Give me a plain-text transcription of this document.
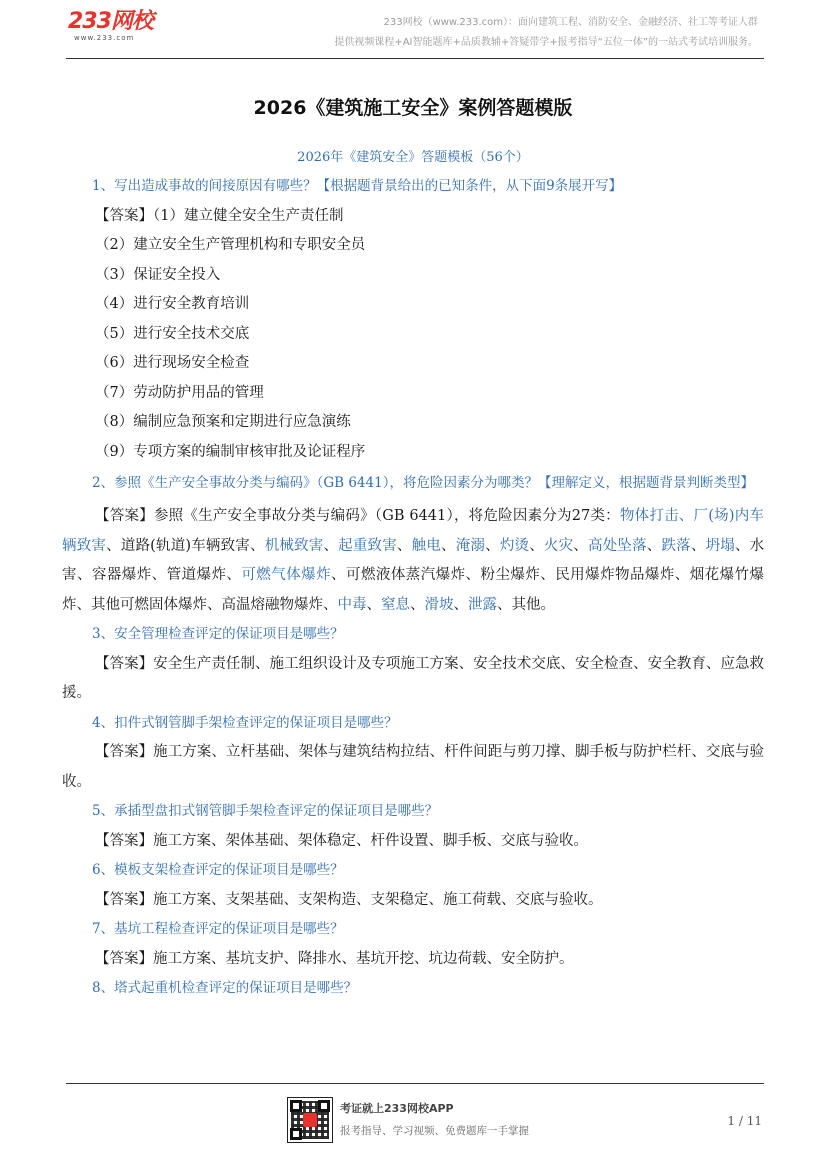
233网校
www.233.com
233网校（www.233.com）：面向建筑工程、消防安全、金融经济、社工等考证人群
提供视频课程+AI智能题库+品质教辅+答疑带学+报考指导“五位一体”的一站式考试培训服务。
2026《建筑施工安全》案例答题模版
2026年《建筑安全》答题模板（56个）
1、写出造成事故的间接原因有哪些？【根据题背景给出的已知条件，从下面9条展开写】
【答案】（1）建立健全安全生产责任制
（2）建立安全生产管理机构和专职安全员
（3）保证安全投入
（4）进行安全教育培训
（5）进行安全技术交底
（6）进行现场安全检查
（7）劳动防护用品的管理
（8）编制应急预案和定期进行应急演练
（9）专项方案的编制审核审批及论证程序
2、参照《生产安全事故分类与编码》（GB 6441），将危险因素分为哪类？【理解定义，根据题背景判断类型】
【答案】参照《生产安全事故分类与编码》（GB 6441），将危险因素分为27类：物体打击、厂(场)内车辆致害、道路(轨道)车辆致害、机械致害、起重致害、触电、淹溺、灼烫、火灾、高处坠落、跌落、坍塌、水害、容器爆炸、管道爆炸、可燃气体爆炸、可燃液体蒸汽爆炸、粉尘爆炸、民用爆炸物品爆炸、烟花爆竹爆炸、其他可燃固体爆炸、高温熔融物爆炸、中毒、窒息、滑坡、泄露、其他。
3、安全管理检查评定的保证项目是哪些？
【答案】安全生产责任制、施工组织设计及专项施工方案、安全技术交底、安全检查、安全教育、应急救援。
4、扣件式钢管脚手架检查评定的保证项目是哪些？
【答案】施工方案、立杆基础、架体与建筑结构拉结、杆件间距与剪刀撑、脚手板与防护栏杆、交底与验收。
5、承插型盘扣式钢管脚手架检查评定的保证项目是哪些？
【答案】施工方案、架体基础、架体稳定、杆件设置、脚手板、交底与验收。
6、模板支架检查评定的保证项目是哪些？
【答案】施工方案、支架基础、支架构造、支架稳定、施工荷载、交底与验收。
7、基坑工程检查评定的保证项目是哪些？
【答案】施工方案、基坑支护、降排水、基坑开挖、坑边荷载、安全防护。
8、塔式起重机检查评定的保证项目是哪些？
考证就上233网校APP
报考指导、学习视频、免费题库一手掌握
1 / 11
